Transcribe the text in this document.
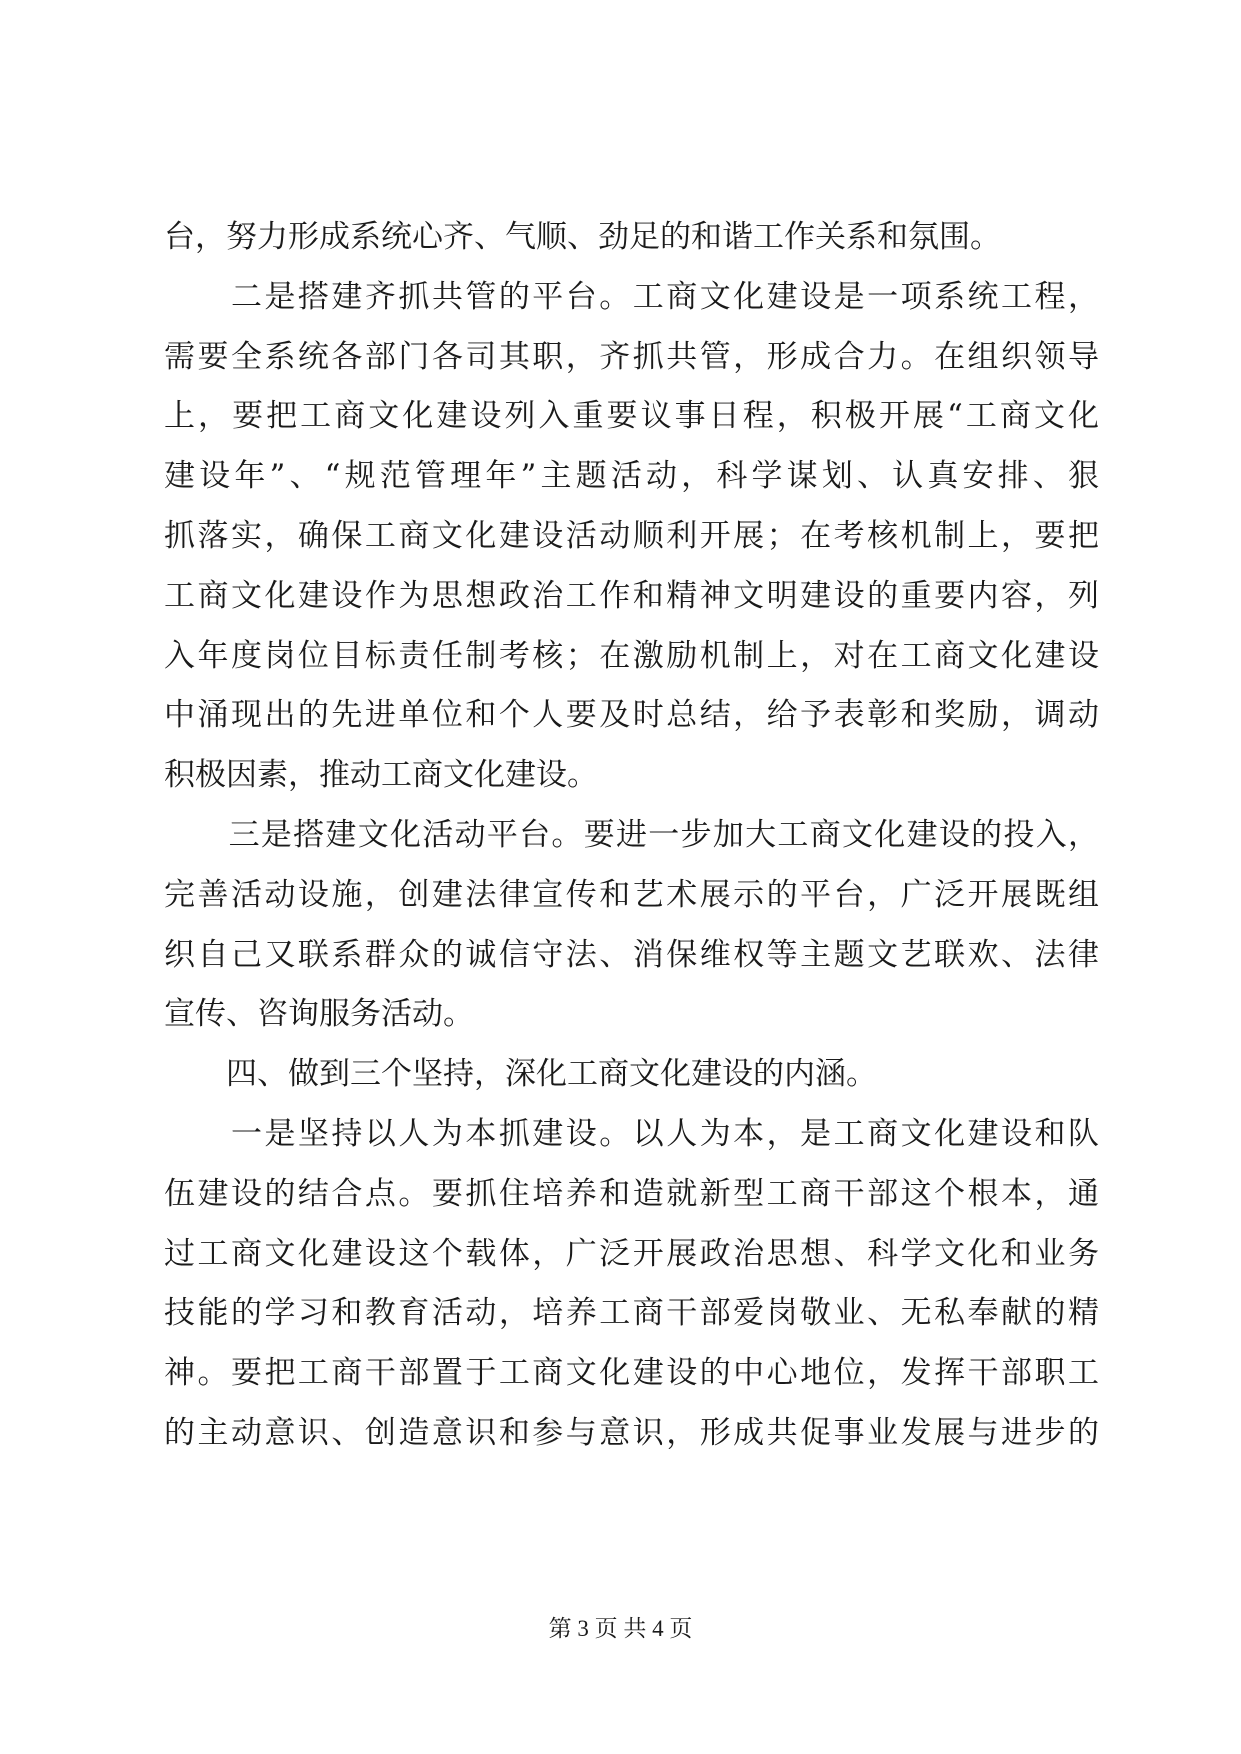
台，努力形成系统心齐、气顺、劲足的和谐工作关系和氛围。
　　二是搭建齐抓共管的平台。工商文化建设是一项系统工程，
需要全系统各部门各司其职，齐抓共管，形成合力。在组织领导
上，要把工商文化建设列入重要议事日程，积极开展“工商文化
建设年”、“规范管理年”主题活动，科学谋划、认真安排、狠
抓落实，确保工商文化建设活动顺利开展；在考核机制上，要把
工商文化建设作为思想政治工作和精神文明建设的重要内容，列
入年度岗位目标责任制考核；在激励机制上，对在工商文化建设
中涌现出的先进单位和个人要及时总结，给予表彰和奖励，调动
积极因素，推动工商文化建设。
　　三是搭建文化活动平台。要进一步加大工商文化建设的投入，
完善活动设施，创建法律宣传和艺术展示的平台，广泛开展既组
织自己又联系群众的诚信守法、消保维权等主题文艺联欢、法律
宣传、咨询服务活动。
　　四、做到三个坚持，深化工商文化建设的内涵。
　　一是坚持以人为本抓建设。以人为本，是工商文化建设和队
伍建设的结合点。要抓住培养和造就新型工商干部这个根本，通
过工商文化建设这个载体，广泛开展政治思想、科学文化和业务
技能的学习和教育活动，培养工商干部爱岗敬业、无私奉献的精
神。要把工商干部置于工商文化建设的中心地位，发挥干部职工
的主动意识、创造意识和参与意识，形成共促事业发展与进步的
第 3 页 共 4 页
